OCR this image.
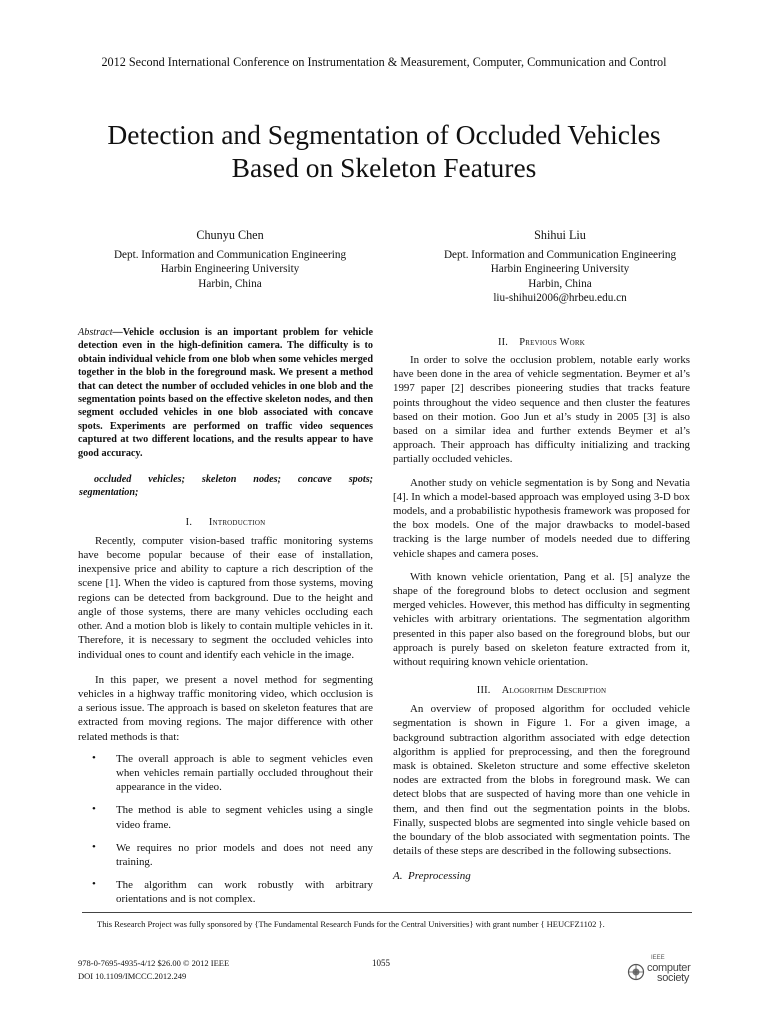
2012 Second International Conference on Instrumentation & Measurement, Computer, Communication and Control
Detection and Segmentation of Occluded Vehicles
Based on Skeleton Features
Chunyu Chen
Dept. Information and Communication Engineering
Harbin Engineering University
Harbin, China
Shihui Liu
Dept. Information and Communication Engineering
Harbin Engineering University
Harbin, China
liu-shihui2006@hrbeu.edu.cn
Abstract—Vehicle occlusion is an important problem for vehicle detection even in the high-definition camera. The difficulty is to obtain individual vehicle from one blob when some vehicles merged together in the blob in the foreground mask. We present a method that can detect the number of occluded vehicles in one blob and the segmentation points based on the effective skeleton nodes, and then segment occluded vehicles in one blob associated with concave spots. Experiments are performed on traffic video sequences captured at two different locations, and the results appear to have good accuracy.
occluded vehicles; skeleton nodes; concave spots;
segmentation;
I. Introduction

Recently, computer vision-based traffic monitoring systems have become popular because of their ease of installation, inexpensive price and ability to capture a rich description of the scene [1]. When the video is captured from those systems, moving regions can be detected from background. Due to the height and angle of those systems, there are many vehicles occluding each other. And a motion blob is likely to contain multiple vehicles in it. Therefore, it is necessary to segment the occluded vehicles into individual ones to count and identify each vehicle in the image.

In this paper, we present a novel method for segmenting vehicles in a highway traffic monitoring video, which occlusion is a serious issue. The approach is based on skeleton features that are extracted from moving regions. The major difference with other related methods is that:

• The overall approach is able to segment vehicles even when vehicles remain partially occluded throughout their appearance in the video.
• The method is able to segment vehicles using a single video frame.
• We requires no prior models and does not need any training.
• The algorithm can work robustly with arbitrary orientations and is not complex.
II. Previous Work

In order to solve the occlusion problem, notable early works have been done in the area of vehicle segmentation. Beymer et al’s 1997 paper [2] describes pioneering studies that tracks feature points throughout the video sequence and then cluster the features based on their motion. Goo Jun et al’s study in 2005 [3] is also based on a similar idea and further extends Beymer et al’s approach. Their approach has difficulty initializing and tracking partially occluded vehicles.

Another study on vehicle segmentation is by Song and Nevatia [4]. In which a model-based approach was employed using 3-D box models, and a probabilistic hypothesis framework was proposed for the box models. One of the major drawbacks to model-based tracking is the large number of models needed due to differing vehicle shapes and camera poses.

With known vehicle orientation, Pang et al. [5] analyze the shape of the foreground blobs to detect occlusion and segment merged vehicles. However, this method has difficulty in segmenting vehicles with arbitrary orientations. The segmentation algorithm presented in this paper also based on the foreground blobs, but our approach is purely based on skeleton feature extracted from it, without requiring known vehicle orientation.

III. Alogorithm Description

An overview of proposed algorithm for occluded vehicle segmentation is shown in Figure 1. For a given image, a background subtraction algorithm associated with edge detection algorithm is applied for preprocessing, and then the foreground mask is obtained. Skeleton structure and some effective skeleton nodes are extracted from the blobs in foreground mask. We can detect blobs that are suspected of having more than one vehicle in them, and then find out the segmentation points in the blobs. Finally, suspected blobs are segmented into single vehicle based on the boundary of the blob associated with segmentation points. The details of these steps are described in the following subsections.

A. Preprocessing
This Research Project was fully sponsored by {The Fundamental Research Funds for the Central Universities} with grant number { HEUCFZ1102 }.
978-0-7695-4935-4/12 $26.00 © 2012 IEEE
DOI 10.1109/IMCCC.2012.249
1055	IEEE
computer
society
